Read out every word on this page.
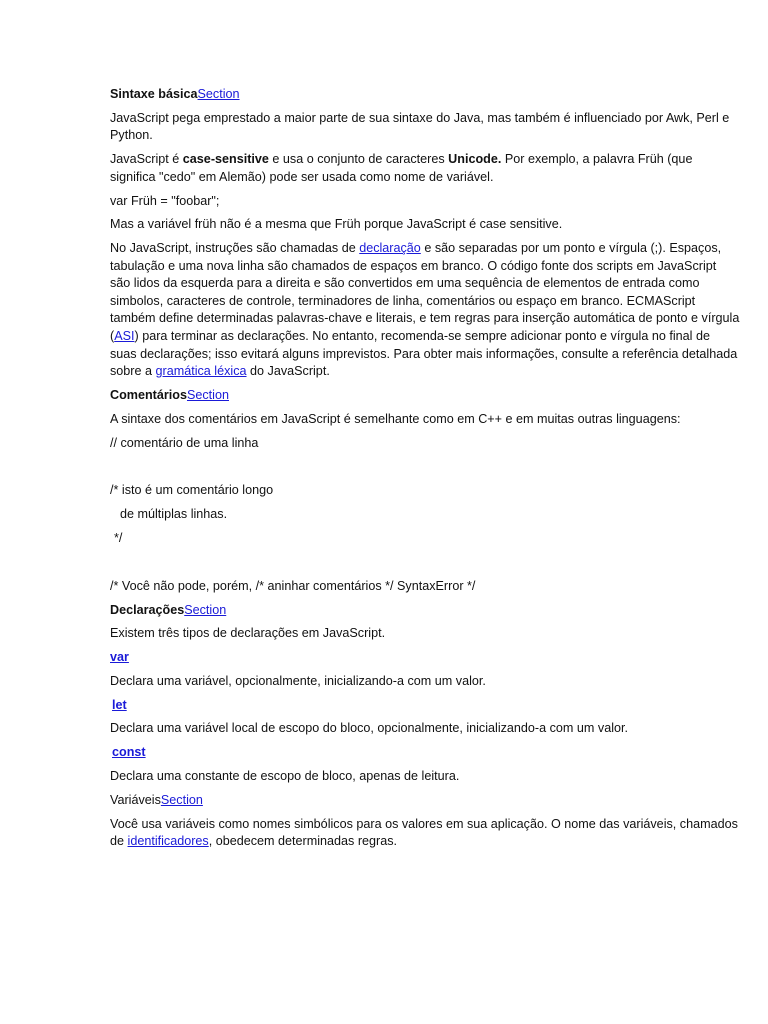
Sintaxe básicaSection

JavaScript pega emprestado a maior parte de sua sintaxe do Java, mas também é influenciado por Awk, Perl e Python.

JavaScript é case-sensitive e usa o conjunto de caracteres Unicode. Por exemplo, a palavra Früh (que significa "cedo" em Alemão) pode ser usada como nome de variável.

var Früh = "foobar";

Mas a variável früh não é a mesma que Früh porque JavaScript é case sensitive.

No JavaScript, instruções são chamadas de declaração e são separadas por um ponto e vírgula (;). Espaços, tabulação e uma nova linha são chamados de espaços em branco. O código fonte dos scripts em JavaScript são lidos da esquerda para a direita e são convertidos em uma sequência de elementos de entrada como simbolos, caracteres de controle, terminadores de linha, comentários ou espaço em branco. ECMAScript também define determinadas palavras-chave e literais, e tem regras para inserção automática de ponto e vírgula (ASI) para terminar as declarações. No entanto, recomenda-se sempre adicionar ponto e vírgula no final de suas declarações; isso evitará alguns imprevistos. Para obter mais informações, consulte a referência detalhada sobre a gramática léxica do JavaScript.

ComentáriosSection

A sintaxe dos comentários em JavaScript é semelhante como em C++ e em muitas outras linguagens:

// comentário de uma linha

/* isto é um comentário longo

de múltiplas linhas.

*/

/* Você não pode, porém, /* aninhar comentários */ SyntaxError */

DeclaraçõesSection

Existem três tipos de declarações em JavaScript.

var

Declara uma variável, opcionalmente, inicializando-a com um valor.

let

Declara uma variável local de escopo do bloco, opcionalmente, inicializando-a com um valor.

const

Declara uma constante de escopo de bloco, apenas de leitura.

VariáveisSection

Você usa variáveis como nomes simbólicos para os valores em sua aplicação. O nome das variáveis, chamados de identificadores, obedecem determinadas regras.
